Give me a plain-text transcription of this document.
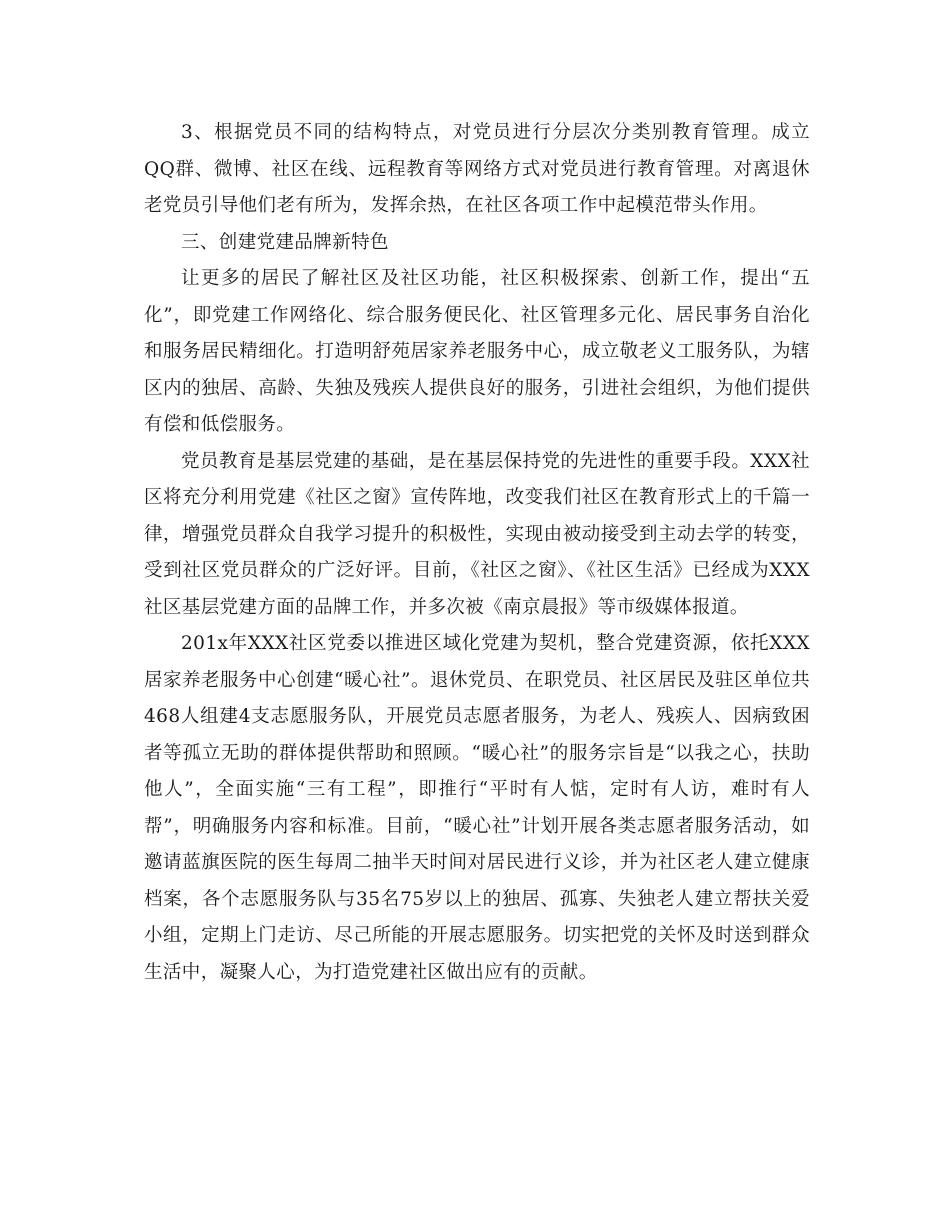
3、根据党员不同的结构特点，对党员进行分层次分类别教育管理。成立QQ群、微博、社区在线、远程教育等网络方式对党员进行教育管理。对离退休老党员引导他们老有所为，发挥余热，在社区各项工作中起模范带头作用。

三、创建党建品牌新特色

让更多的居民了解社区及社区功能，社区积极探索、创新工作，提出“五化”，即党建工作网络化、综合服务便民化、社区管理多元化、居民事务自治化和服务居民精细化。打造明舒苑居家养老服务中心，成立敬老义工服务队，为辖区内的独居、高龄、失独及残疾人提供良好的服务，引进社会组织，为他们提供有偿和低偿服务。

党员教育是基层党建的基础，是在基层保持党的先进性的重要手段。XXX社区将充分利用党建《社区之窗》宣传阵地，改变我们社区在教育形式上的千篇一律，增强党员群众自我学习提升的积极性，实现由被动接受到主动去学的转变，受到社区党员群众的广泛好评。目前，《社区之窗》、《社区生活》已经成为XXX社区基层党建方面的品牌工作，并多次被《南京晨报》等市级媒体报道。

201x年XXX社区党委以推进区域化党建为契机，整合党建资源，依托XXX居家养老服务中心创建“暖心社”。退休党员、在职党员、社区居民及驻区单位共468人组建4支志愿服务队，开展党员志愿者服务，为老人、残疾人、因病致困者等孤立无助的群体提供帮助和照顾。“暖心社”的服务宗旨是“以我之心，扶助他人”，全面实施“三有工程”，即推行“平时有人惦，定时有人访，难时有人帮”，明确服务内容和标准。目前，“暖心社”计划开展各类志愿者服务活动，如邀请蓝旗医院的医生每周二抽半天时间对居民进行义诊，并为社区老人建立健康档案，各个志愿服务队与35名75岁以上的独居、孤寡、失独老人建立帮扶关爱小组，定期上门走访、尽己所能的开展志愿服务。切实把党的关怀及时送到群众生活中，凝聚人心，为打造党建社区做出应有的贡献。
